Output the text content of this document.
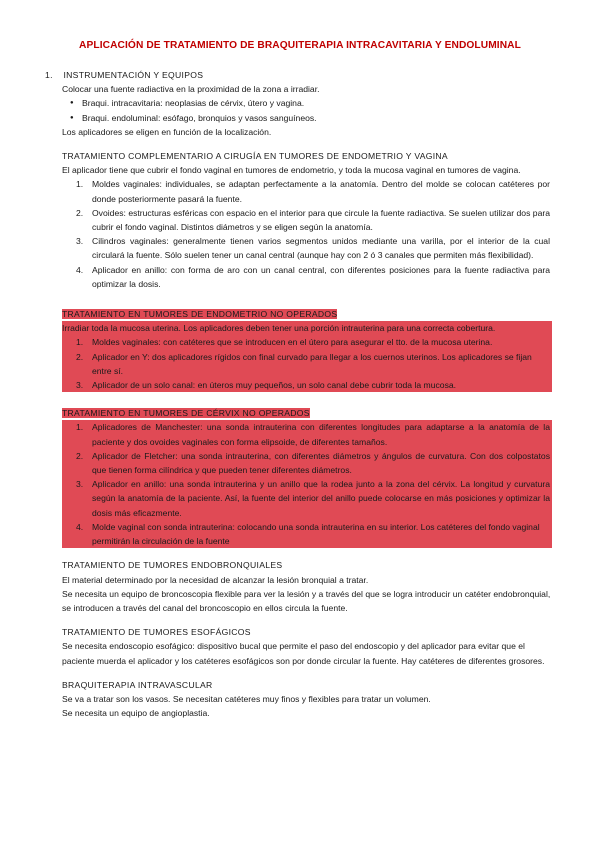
APLICACIÓN DE TRATAMIENTO DE BRAQUITERAPIA INTRACAVITARIA Y ENDOLUMINAL
1. INSTRUMENTACIÓN Y EQUIPOS
Colocar una fuente radiactiva en la proximidad de la zona a irradiar.
● Braqui. intracavitaria: neoplasias de cérvix, útero y vagina.
● Braqui. endoluminal: esófago, bronquios y vasos sanguíneos.
Los aplicadores se eligen en función de la localización.
TRATAMIENTO COMPLEMENTARIO A CIRUGÍA EN TUMORES DE ENDOMETRIO Y VAGINA
El aplicador tiene que cubrir el fondo vaginal en tumores de endometrio, y toda la mucosa vaginal en tumores de vagina.
1. Moldes vaginales: individuales, se adaptan perfectamente a la anatomía. Dentro del molde se colocan catéteres por donde posteriormente pasará la fuente.
2. Ovoides: estructuras esféricas con espacio en el interior para que circule la fuente radiactiva. Se suelen utilizar dos para cubrir el fondo vaginal. Distintos diámetros y se eligen según la anatomía.
3. Cilindros vaginales: generalmente tienen varios segmentos unidos mediante una varilla, por el interior de la cual circulará la fuente. Sólo suelen tener un canal central (aunque hay con 2 ó 3 canales que permiten más flexibilidad).
4. Aplicador en anillo: con forma de aro con un canal central, con diferentes posiciones para la fuente radiactiva para optimizar la dosis.
TRATAMIENTO EN TUMORES DE ENDOMETRIO NO OPERADOS
Irradiar toda la mucosa uterina. Los aplicadores deben tener una porción intrauterina para una correcta cobertura.
1. Moldes vaginales: con catéteres que se introducen en el útero para asegurar el tto. de la mucosa uterina.
2. Aplicador en Y: dos aplicadores rígidos con final curvado para llegar a los cuernos uterinos. Los aplicadores se fijan entre sí.
3. Aplicador de un solo canal: en úteros muy pequeños, un solo canal debe cubrir toda la mucosa.
TRATAMIENTO EN TUMORES DE CÉRVIX NO OPERADOS
1. Aplicadores de Manchester: una sonda intrauterina con diferentes longitudes para adaptarse a la anatomía de la paciente y dos ovoides vaginales con forma elipsoide, de diferentes tamaños.
2. Aplicador de Fletcher: una sonda intrauterina, con diferentes diámetros y ángulos de curvatura. Con dos colpostatos que tienen forma cilíndrica y que pueden tener diferentes diámetros.
3. Aplicador en anillo: una sonda intrauterina y un anillo que la rodea junto a la zona del cérvix. La longitud y curvatura según la anatomía de la paciente. Así, la fuente del interior del anillo puede colocarse en más posiciones y optimizar la dosis más eficazmente.
4. Molde vaginal con sonda intrauterina: colocando una sonda intrauterina en su interior. Los catéteres del fondo vaginal permitirán la circulación de la fuente
TRATAMIENTO DE TUMORES ENDOBRONQUIALES
El material determinado por la necesidad de alcanzar la lesión bronquial a tratar.
Se necesita un equipo de broncoscopia flexible para ver la lesión y a través del que se logra introducir un catéter endobronquial, se introducen a través del canal del broncoscopio en ellos circula la fuente.
TRATAMIENTO DE TUMORES ESOFÁGICOS
Se necesita endoscopio esofágico: dispositivo bucal que permite el paso del endoscopio y del aplicador para evitar que el paciente muerda el aplicador y los catéteres esofágicos son por donde circular la fuente. Hay catéteres de diferentes grosores.
BRAQUITERAPIA INTRAVASCULAR
Se va a tratar son los vasos. Se necesitan catéteres muy finos y flexibles para tratar un volumen.
Se necesita un equipo de angioplastia.
